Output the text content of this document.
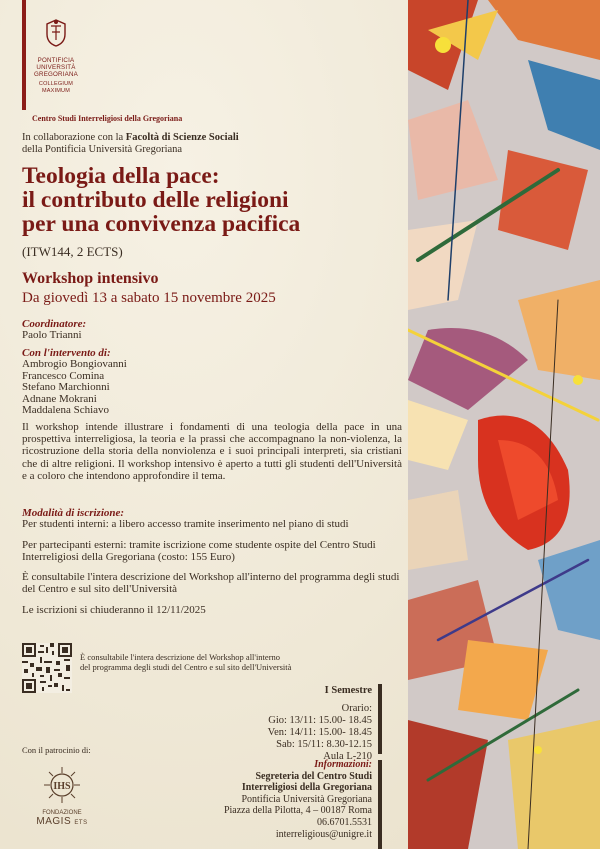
PONTIFICIA
UNIVERSITÀ
GREGORIANA
COLLEGIUM
MAXIMUM
Centro Studi Interreligiosi della Gregoriana
In collaborazione con la Facoltà di Scienze Sociali
della Pontificia Università Gregoriana
Teologia della pace:
il contributo delle religioni
per una convivenza pacifica
(ITW144, 2 ECTS)
Workshop intensivo
Da giovedì 13 a sabato 15 novembre 2025
Coordinatore:
Paolo Trianni
Con l'intervento di:
Ambrogio Bongiovanni
Francesco Comina
Stefano Marchionni
Adnane Mokrani
Maddalena Schiavo
Il workshop intende illustrare i fondamenti di una teologia della pace in una prospettiva interreligiosa, la teoria e la prassi che accompagnano la non-violenza, la ricostruzione della storia della nonviolenza e i suoi principali interpreti, sia cristiani che di altre religioni. Il workshop intensivo è aperto a tutti gli studenti dell'Università e a coloro che intendono approfondire il tema.
Modalità di iscrizione:

Per studenti interni: a libero accesso tramite inserimento nel piano di studi

Per partecipanti esterni: tramite iscrizione come studente ospite del Centro Studi Interreligiosi della Gregoriana (costo: 155 Euro)

È consultabile l'intera descrizione del Workshop all'interno del programma degli studi del Centro e sul sito dell'Università

Le iscrizioni si chiuderanno il 12/11/2025

È consultabile l'intera descrizione del Workshop all'interno
del programma degli studi del Centro e sul sito dell'Università
I Semestre
Orario:
Gio: 13/11: 15.00- 18.45
Ven: 14/11: 15.00- 18.45
Sab: 15/11: 8.30-12.15
Aula L-210
Con il patrocinio di:
IHS
FONDAZIONE
MAGIS ETS
Informazioni:
Segreteria del Centro Studi
Interreligiosi della Gregoriana
Pontificia Università Gregoriana
Piazza della Pilotta, 4 – 00187 Roma
06.6701.5531
interreligious@unigre.it
